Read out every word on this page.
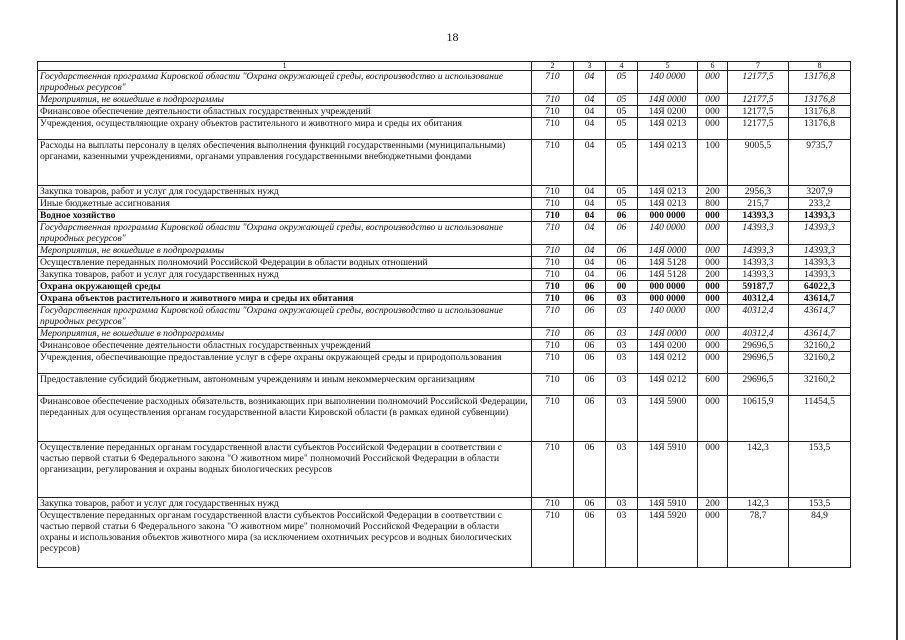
18
1	2	3	4	5	6	7	8
Государственная программа Кировской области "Охрана окружающей среды, воспроизводство и использование природных ресурсов"	710	04	05	140 0000	000	12177,5	13176,8
Мероприятия, не вошедшие в подпрограммы	710	04	05	14Я 0000	000	12177,5	13176,8
Финансовое обеспечение деятельности областных государственных учреждений	710	04	05	14Я 0200	000	12177,5	13176,8
Учреждения, осуществляющие охрану объектов растительного и животного мира и среды их обитания	710	04	05	14Я 0213	000	12177,5	13176,8
Расходы на выплаты персоналу в целях обеспечения выполнения функций государственными (муниципальными) органами, казенными учреждениями, органами управления государственными внебюджетными фондами	710	04	05	14Я 0213	100	9005,5	9735,7
Закупка товаров, работ и услуг для государственных нужд	710	04	05	14Я 0213	200	2956,3	3207,9
Иные бюджетные ассигнования	710	04	05	14Я 0213	800	215,7	233,2
Водное хозяйство	710	04	06	000 0000	000	14393,3	14393,3
Государственная программа Кировской области "Охрана окружающей среды, воспроизводство и использование природных ресурсов"	710	04	06	140 0000	000	14393,3	14393,3
Мероприятия, не вошедшие в подпрограммы	710	04	06	14Я 0000	000	14393,3	14393,3
Осуществление переданных полномочий Российской Федерации в области водных отношений	710	04	06	14Я 5128	000	14393,3	14393,3
Закупка товаров, работ и услуг для государственных нужд	710	04	06	14Я 5128	200	14393,3	14393,3
Охрана окружающей среды	710	06	00	000 0000	000	59187,7	64022,3
Охрана объектов растительного и животного мира и среды их обитания	710	06	03	000 0000	000	40312,4	43614,7
Государственная программа Кировской области "Охрана окружающей среды, воспроизводство и использование природных ресурсов"	710	06	03	140 0000	000	40312,4	43614,7
Мероприятия, не вошедшие в подпрограммы	710	06	03	14Я 0000	000	40312,4	43614,7
Финансовое обеспечение деятельности областных государственных учреждений	710	06	03	14Я 0200	000	29696,5	32160,2
Учреждения, обеспечивающие предоставление услуг в сфере охраны окружающей среды и природопользования	710	06	03	14Я 0212	000	29696,5	32160,2
Предоставление субсидий бюджетным, автономным учреждениям и иным некоммерческим организациям	710	06	03	14Я 0212	600	29696,5	32160,2
Финансовое обеспечение расходных обязательств, возникающих при выполнении полномочий Российской Федерации, переданных для осуществления органам государственной власти Кировской области (в рамках единой субвенции)	710	06	03	14Я 5900	000	10615,9	11454,5
Осуществление переданных органам государственной власти субъектов Российской Федерации в соответствии с частью первой статьи 6 Федерального закона "О животном мире" полномочий Российской Федерации в области организации, регулирования и охраны водных биологических ресурсов	710	06	03	14Я 5910	000	142,3	153,5
Закупка товаров, работ и услуг для государственных нужд	710	06	03	14Я 5910	200	142,3	153,5
Осуществление переданных органам государственной власти субъектов Российской Федерации в соответствии с частью первой статьи 6 Федерального закона "О животном мире" полномочий Российской Федерации в области охраны и использования объектов животного мира (за исключением охотничьих ресурсов и водных биологических ресурсов)	710	06	03	14Я 5920	000	78,7	84,9
